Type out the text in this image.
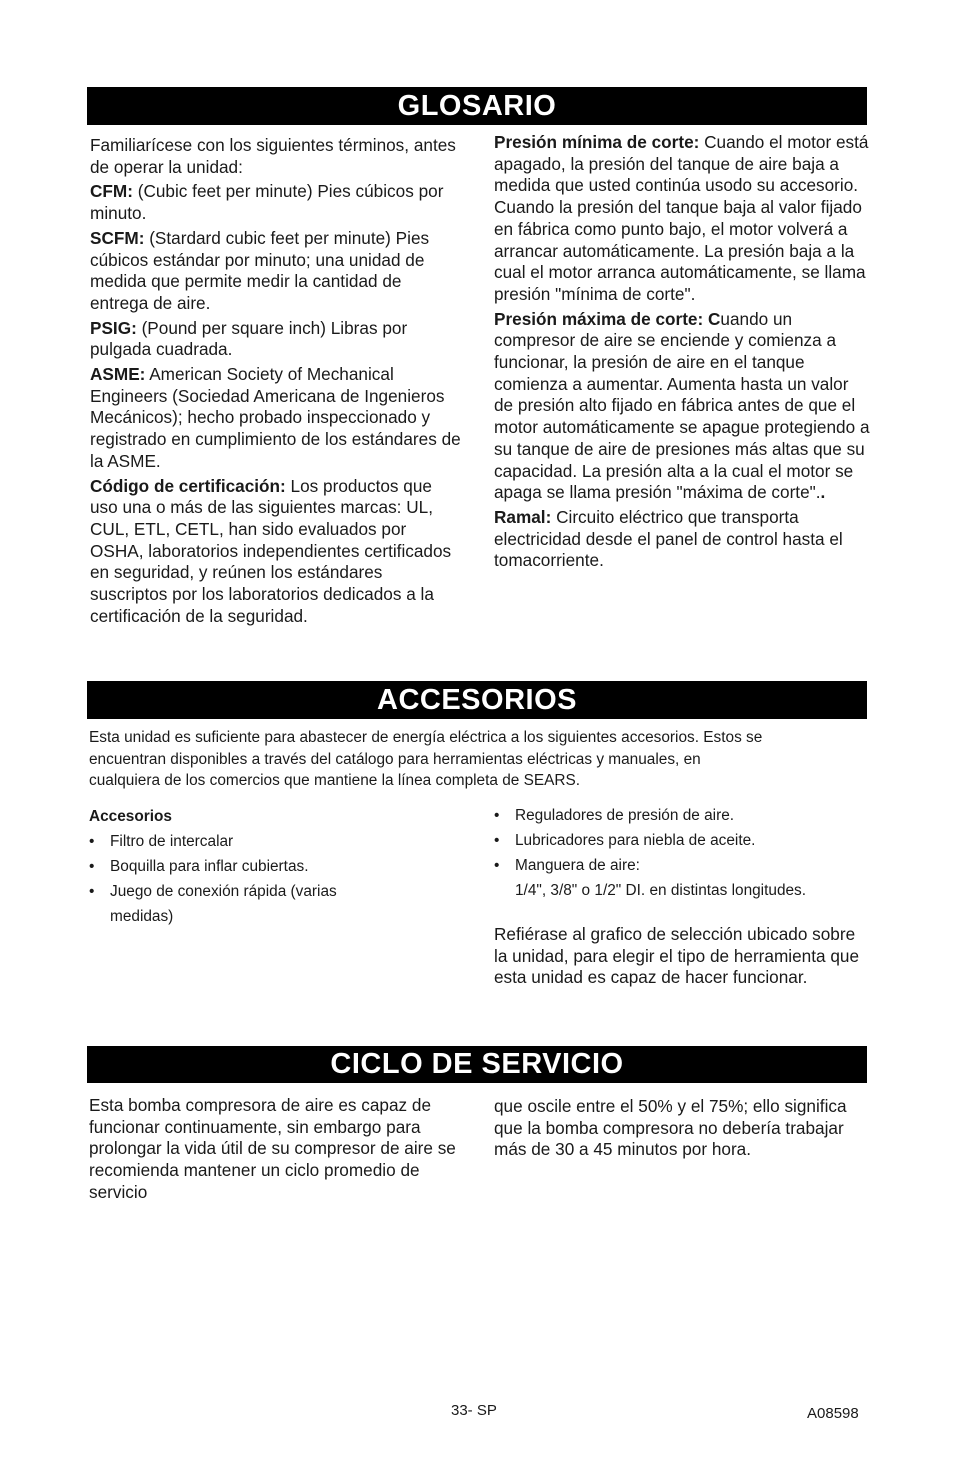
GLOSARIO

Familiarícese con los siguientes términos, antes de operar la unidad:

CFM: (Cubic feet per minute) Pies cúbicos por minuto.

SCFM: (Stardard cubic feet per minute) Pies cúbicos estándar por minuto; una unidad de medida que permite medir la cantidad de entrega de aire.

PSIG: (Pound per square inch) Libras por pulgada cuadrada.

ASME: American Society of Mechanical Engineers (Sociedad Americana de Ingenieros Mecánicos); hecho probado inspeccionado y registrado en cumplimiento de los estándares de la ASME.

Código de certificación: Los productos que uso una o más de las siguientes marcas: UL, CUL, ETL, CETL, han sido evaluados por OSHA, laboratorios independientes certificados en seguridad, y reúnen los estándares suscriptos por los laboratorios dedicados a la certificación de la seguridad.

Presión mínima de corte: Cuando el motor está apagado, la presión del tanque de aire baja a medida que usted continúa usodo su accesorio. Cuando la presión del tanque baja al valor fijado en fábrica como punto bajo, el motor volverá a arrancar automáticamente. La presión baja a la cual el motor arranca automáticamente, se llama presión "mínima de corte".

Presión máxima de corte: Cuando un compresor de aire se enciende y comienza a funcionar, la presión de aire en el tanque comienza a aumentar. Aumenta hasta un valor de presión alto fijado en fábrica antes de que el motor automáticamente se apague protegiendo a su tanque de aire de presiones más altas que su capacidad. La presión alta a la cual el motor se apaga se llama presión "máxima de corte"..

Ramal: Circuito eléctrico que transporta electricidad desde el panel de control hasta el tomacorriente.

ACCESORIOS
Esta unidad es suficiente para abastecer de energía eléctrica a los siguientes accesorios. Estos se
encuentran disponibles a través del catálogo para herramientas eléctricas y manuales, en
cualquiera de los comercios que mantiene la línea completa de SEARS.
Accesorios
• Filtro de intercalar
• Boquilla para inflar cubiertas.
• Juego de conexión rápida (varias
medidas)
• Reguladores de presión de aire.
• Lubricadores para niebla de aceite.
• Manguera de aire:
1/4", 3/8" o 1/2" DI. en distintas longitudes.
Refiérase al grafico de selección ubicado sobre la unidad, para elegir el tipo de herramienta que esta unidad es capaz de hacer funcionar.
CICLO DE SERVICIO
Esta bomba compresora de aire es capaz de funcionar continuamente, sin embargo para prolongar la vida útil de su compresor de aire se recomienda mantener un ciclo promedio de servicio
que oscile entre el 50% y el 75%; ello significa que la bomba compresora no debería trabajar más de 30 a 45 minutos por hora.
33- SP	A08598
